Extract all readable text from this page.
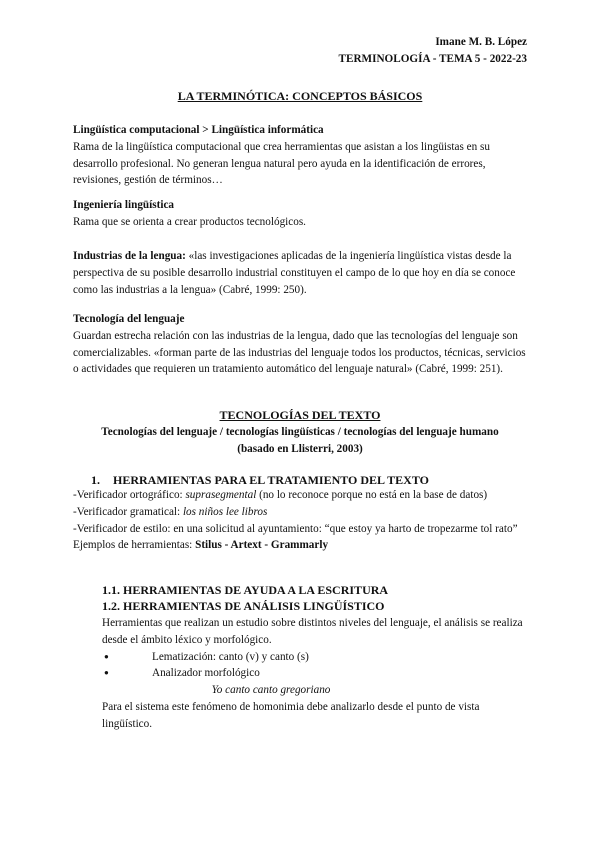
Imane M. B. López
TERMINOLOGÍA - TEMA 5 - 2022-23
LA TERMINÓTICA: CONCEPTOS BÁSICOS
Lingüística computacional > Lingüística informática
Rama de la lingüística computacional que crea herramientas que asistan a los lingüistas en su desarrollo profesional. No generan lengua natural pero ayuda en la identificación de errores, revisiones, gestión de términos…
Ingeniería lingüística
Rama que se orienta a crear productos tecnológicos.
Industrias de la lengua: «las investigaciones aplicadas de la ingeniería lingüística vistas desde la perspectiva de su posible desarrollo industrial constituyen el campo de lo que hoy en día se conoce como las industrias a la lengua» (Cabré, 1999: 250).
Tecnología del lenguaje
Guardan estrecha relación con las industrias de la lengua, dado que las tecnologías del lenguaje son comercializables. «forman parte de las industrias del lenguaje todos los productos, técnicas, servicios o actividades que requieren un tratamiento automático del lenguaje natural» (Cabré, 1999: 251).
TECNOLOGÍAS DEL TEXTO
Tecnologías del lenguaje / tecnologías lingüísticas / tecnologías del lenguaje humano
(basado en Llisterri, 2003)
1. HERRAMIENTAS PARA EL TRATAMIENTO DEL TEXTO
-Verificador ortográfico: suprasegmental (no lo reconoce porque no está en la base de datos)
-Verificador gramatical: los niños lee libros
-Verificador de estilo: en una solicitud al ayuntamiento: “que estoy ya harto de tropezarme tol rato”
Ejemplos de herramientas: Stilus - Artext - Grammarly
1.1. HERRAMIENTAS DE AYUDA A LA ESCRITURA
1.2. HERRAMIENTAS DE ANÁLISIS LINGÜÍSTICO
Herramientas que realizan un estudio sobre distintos niveles del lenguaje, el análisis se realiza desde el ámbito léxico y morfológico.
● Lematización: canto (v) y canto (s)
● Analizador morfológico
Yo canto canto gregoriano
Para el sistema este fenómeno de homonimia debe analizarlo desde el punto de vista lingüístico.
